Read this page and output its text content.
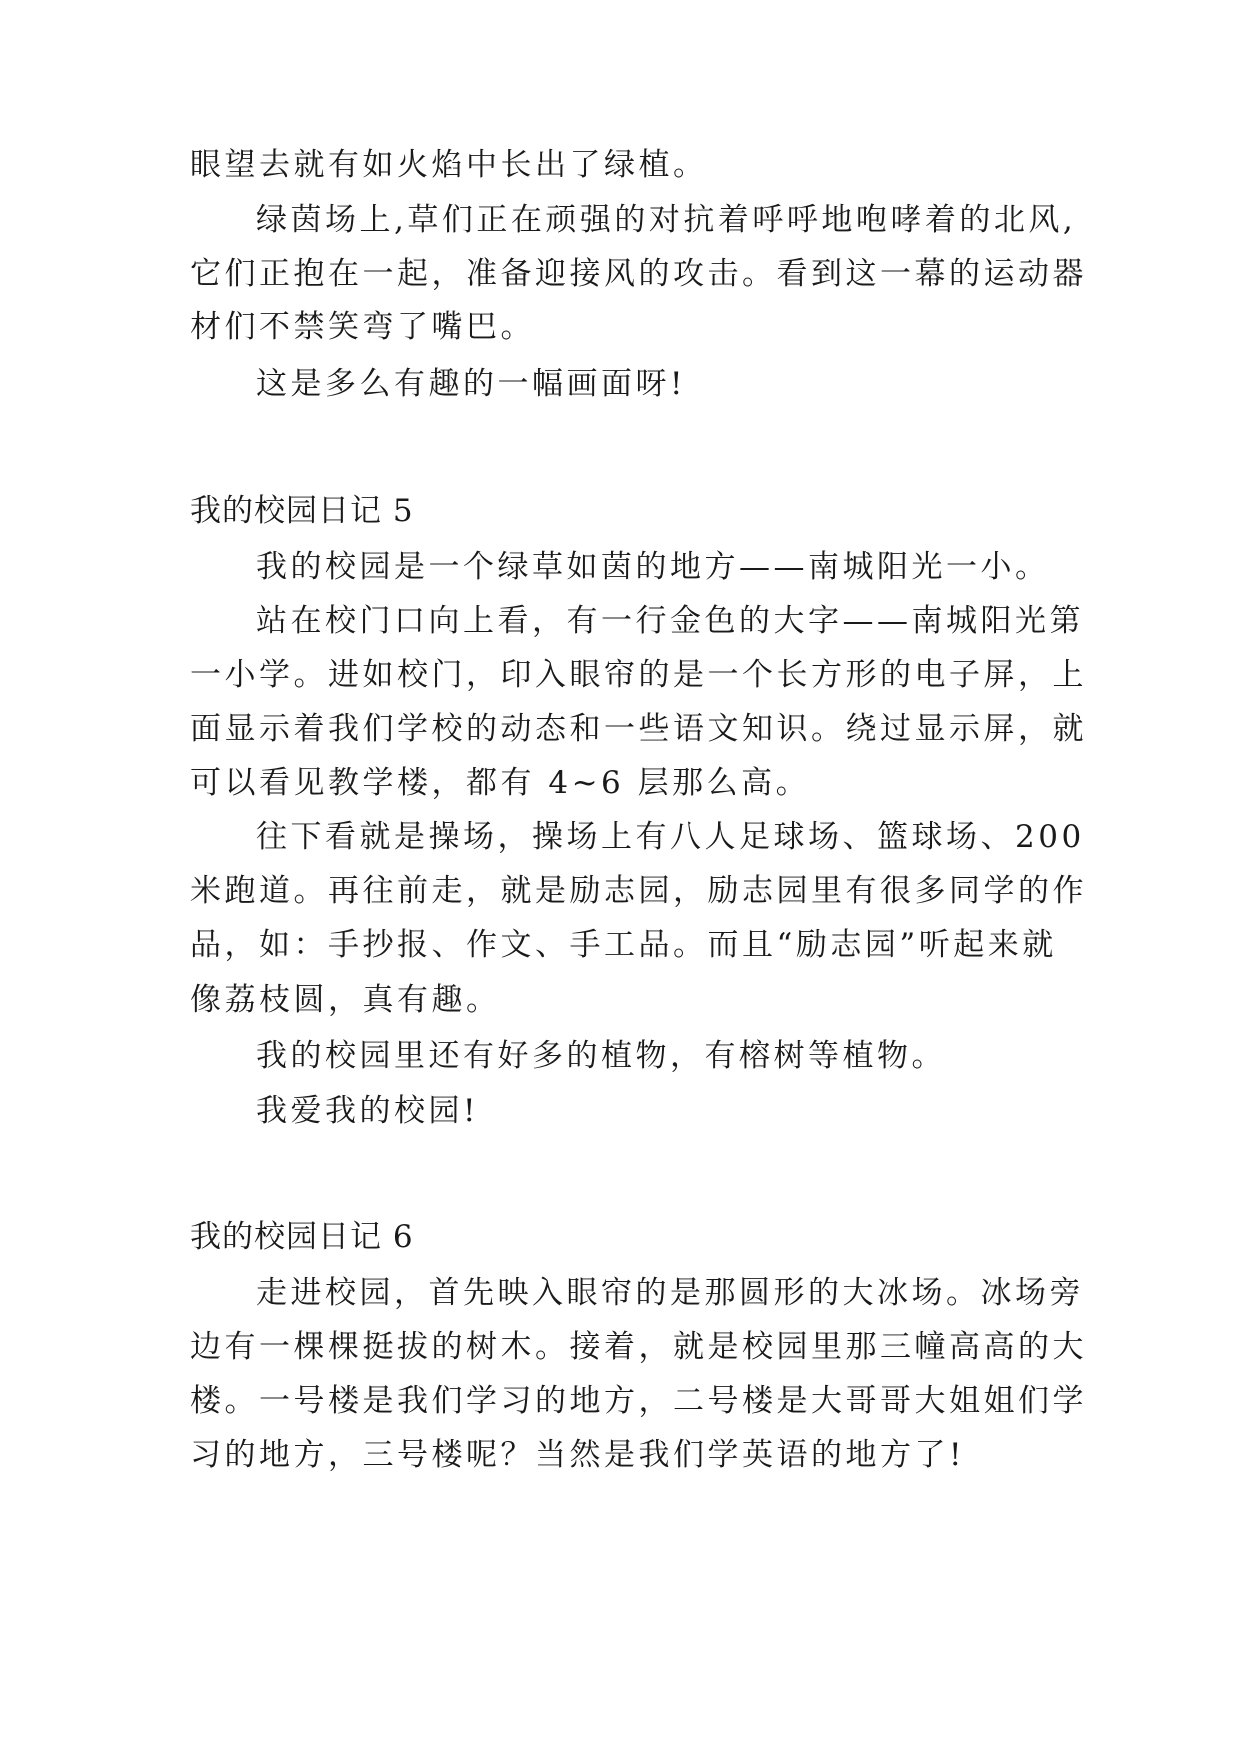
眼望去就有如火焰中长出了绿植。
绿茵场上,草们正在顽强的对抗着呼呼地咆哮着的北风,
它们正抱在一起，准备迎接风的攻击。看到这一幕的运动器
材们不禁笑弯了嘴巴。
这是多么有趣的一幅画面呀!
我的校园日记 5
我的校园是一个绿草如茵的地方——南城阳光一小。
站在校门口向上看，有一行金色的大字——南城阳光第
一小学。进如校门，印入眼帘的是一个长方形的电子屏，上
面显示着我们学校的动态和一些语文知识。绕过显示屏，就
可以看见教学楼，都有 4~6 层那么高。
往下看就是操场，操场上有八人足球场、篮球场、200
米跑道。再往前走，就是励志园，励志园里有很多同学的作
品，如：手抄报、作文、手工品。而且“励志园”听起来就
像荔枝圆，真有趣。
我的校园里还有好多的植物，有榕树等植物。
我爱我的校园!
我的校园日记 6
走进校园，首先映入眼帘的是那圆形的大冰场。冰场旁
边有一棵棵挺拔的树木。接着，就是校园里那三幢高高的大
楼。一号楼是我们学习的地方，二号楼是大哥哥大姐姐们学
习的地方，三号楼呢？当然是我们学英语的地方了!
